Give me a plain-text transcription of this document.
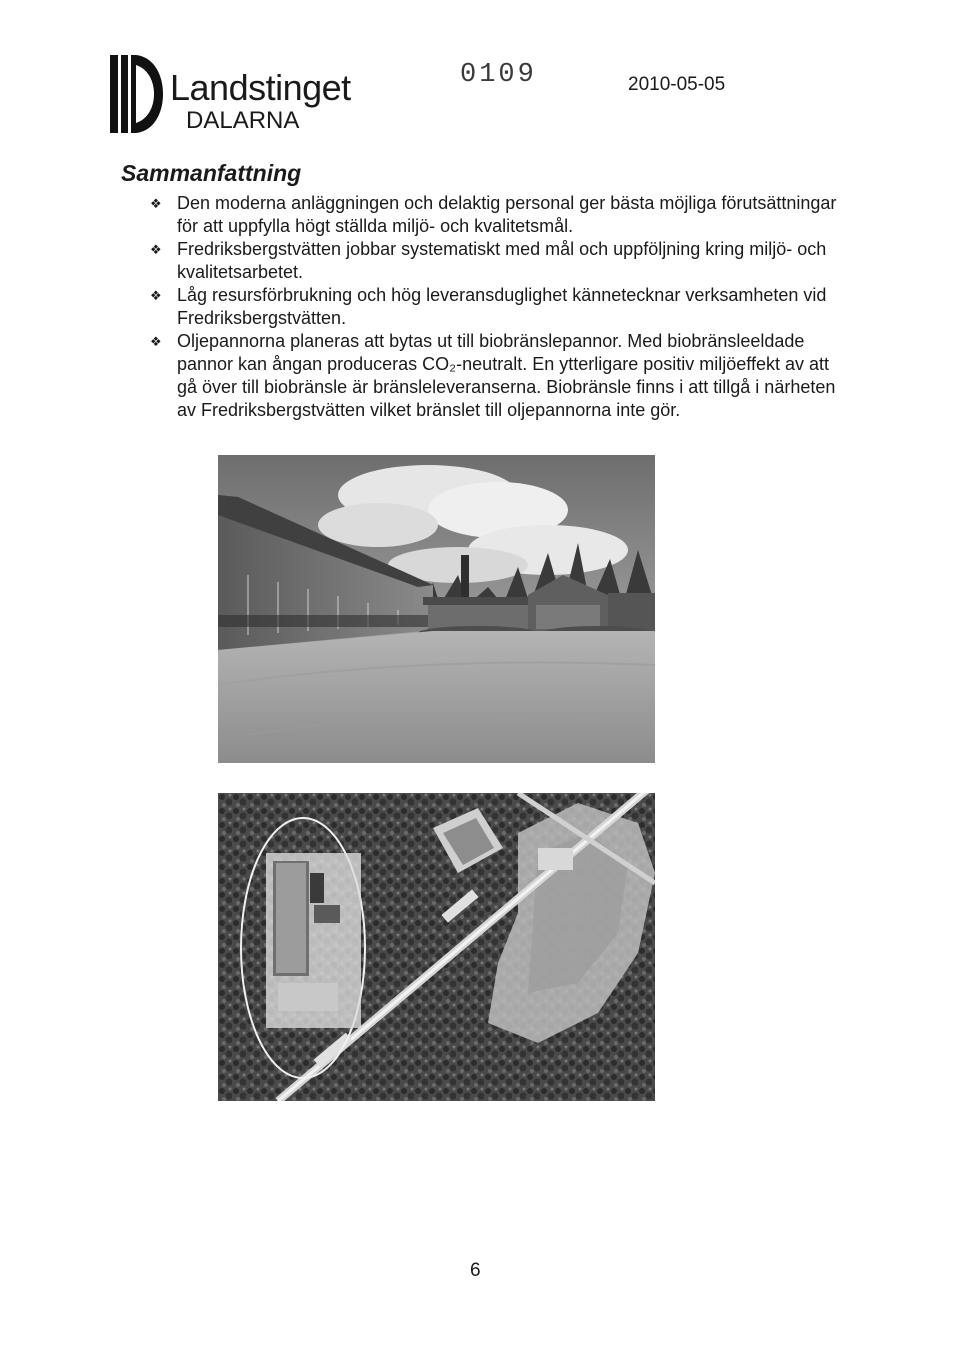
Landstinget
DALARNA
0109	2010-05-05
Sammanfattning
❖ Den moderna anläggningen och delaktig personal ger bästa möjliga förutsättningar för att uppfylla högt ställda miljö- och kvalitetsmål.
❖ Fredriksbergstvätten jobbar systematiskt med mål och uppföljning kring miljö- och kvalitetsarbetet.
❖ Låg resursförbrukning och hög leveransduglighet kännetecknar verksamheten vid Fredriksbergstvätten.
❖ Oljepannorna planeras att bytas ut till biobränslepannor. Med biobränsleeldade pannor kan ångan produceras CO₂-neutralt. En ytterligare positiv miljöeffekt av att gå över till biobränsle är bränsleleveranserna. Biobränsle finns i att tillgå i närheten av Fredriksbergstvätten vilket bränslet till oljepannorna inte gör.
6
